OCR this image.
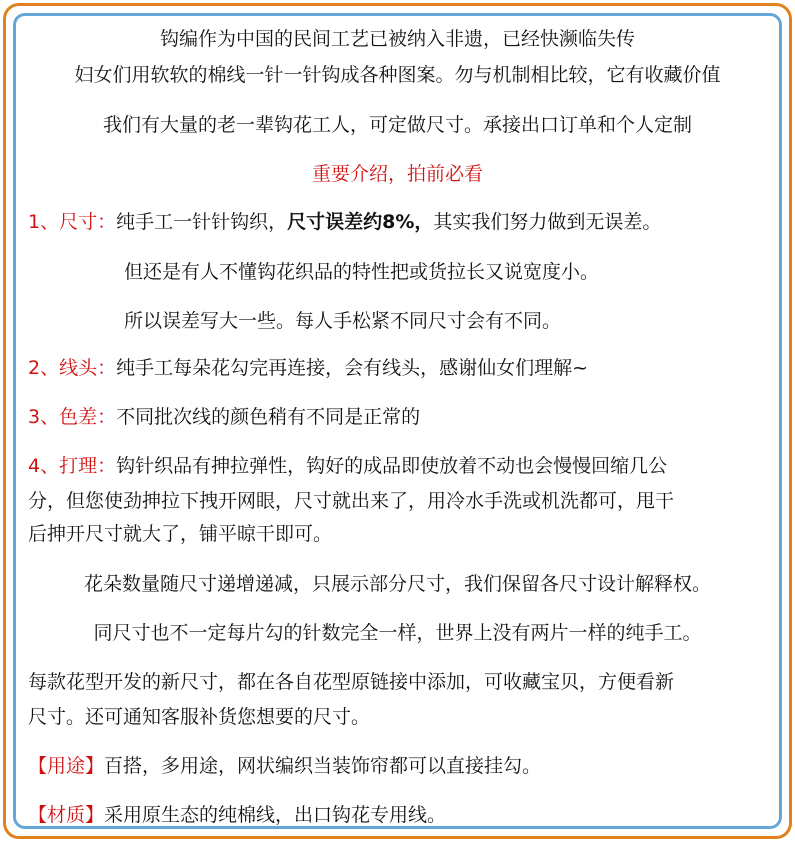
钩编作为中国的民间工艺已被纳入非遗，已经快濒临失传
妇女们用软软的棉线一针一针钩成各种图案。勿与机制相比较，它有收藏价值
我们有大量的老一辈钩花工人，可定做尺寸。承接出口订单和个人定制
重要介绍，拍前必看
1、尺寸：纯手工一针针钩织，尺寸误差约8%，其实我们努力做到无误差。
但还是有人不懂钩花织品的特性把或货拉长又说宽度小。
所以误差写大一些。每人手松紧不同尺寸会有不同。
2、线头：纯手工每朵花勾完再连接，会有线头，感谢仙女们理解~
3、色差：不同批次线的颜色稍有不同是正常的
4、打理：钩针织品有抻拉弹性，钩好的成品即使放着不动也会慢慢回缩几公
分，但您使劲抻拉下拽开网眼，尺寸就出来了，用冷水手洗或机洗都可，甩干
后抻开尺寸就大了，铺平晾干即可。
花朵数量随尺寸递增递减，只展示部分尺寸，我们保留各尺寸设计解释权。
同尺寸也不一定每片勾的针数完全一样，世界上没有两片一样的纯手工。
每款花型开发的新尺寸，都在各自花型原链接中添加，可收藏宝贝，方便看新
尺寸。还可通知客服补货您想要的尺寸。
【用途】百搭，多用途，网状编织当装饰帘都可以直接挂勾。
【材质】采用原生态的纯棉线，出口钩花专用线。
